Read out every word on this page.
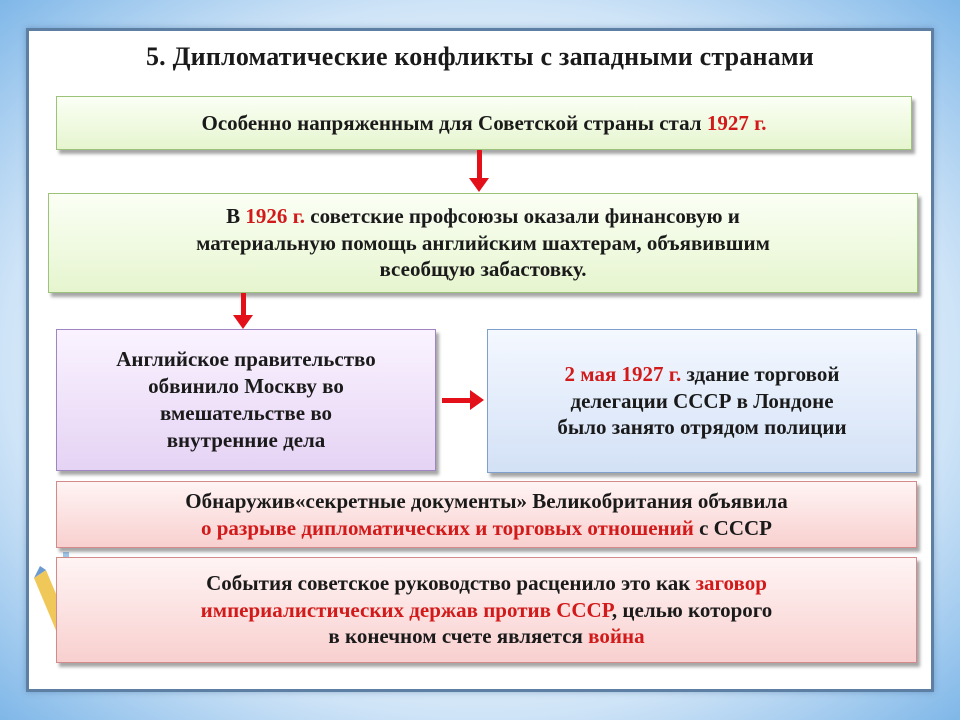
5. Дипломатические конфликты с западными странами
Особенно напряженным для Советской страны стал 1927 г.
В 1926 г. советские профсоюзы оказали финансовую и
материальную помощь английским шахтерам, объявившим
всеобщую забастовку.
Английское правительство
обвинило Москву во
вмешательстве во
внутренние дела
2 мая 1927 г. здание торговой
делегации СССР в Лондоне
было занято отрядом полиции
Обнаружив«секретные документы» Великобритания объявила
о разрыве дипломатических и торговых отношений с СССР
События советское руководство расценило это как заговор
империалистических держав против СССР, целью которого
в конечном счете является война
